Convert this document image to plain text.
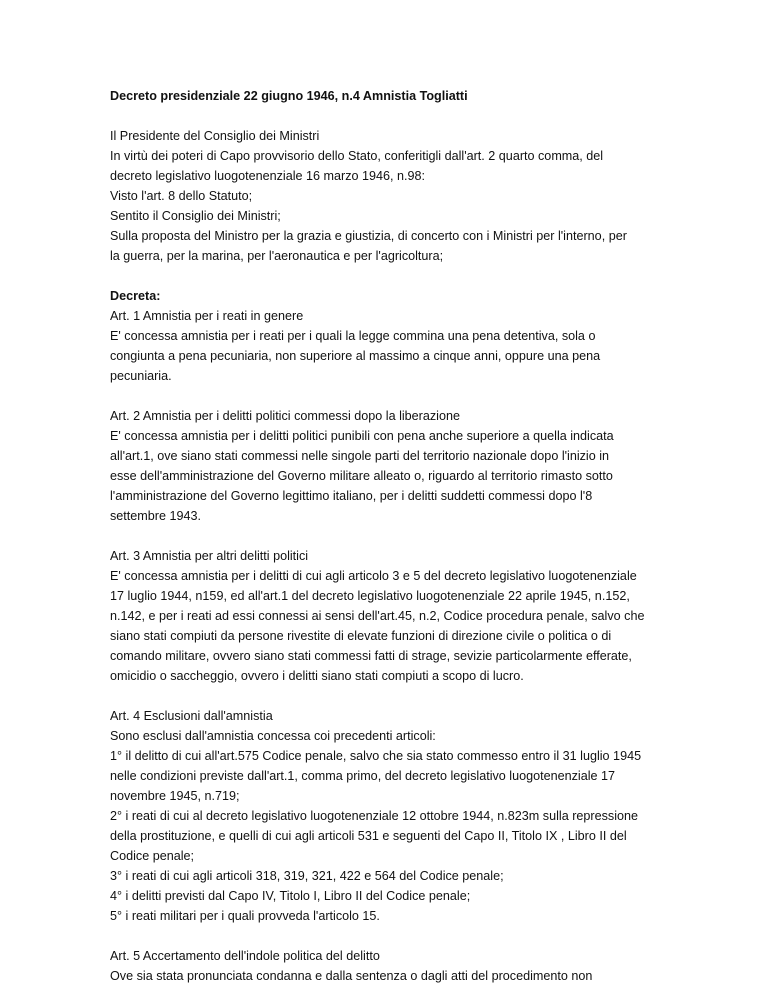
Decreto presidenziale 22 giugno 1946, n.4 Amnistia Togliatti
Il Presidente del Consiglio dei Ministri
In virtù dei poteri di Capo provvisorio dello Stato, conferitigli dall'art. 2 quarto comma, del
decreto legislativo luogotenenziale 16 marzo 1946, n.98:
Visto l'art. 8 dello Statuto;
Sentito il Consiglio dei Ministri;
Sulla proposta del Ministro per la grazia e giustizia, di concerto con i Ministri per l'interno, per
la guerra, per la marina, per l'aeronautica e per l'agricoltura;
Decreta:
Art. 1 Amnistia per i reati in genere
E' concessa amnistia per i reati per i quali la legge commina una pena detentiva, sola o
congiunta a pena pecuniaria, non superiore al massimo a cinque anni, oppure una pena
pecuniaria.
Art. 2 Amnistia per i delitti politici commessi dopo la liberazione
E' concessa amnistia per i delitti politici punibili con pena anche superiore a quella indicata
all'art.1, ove siano stati commessi nelle singole parti del territorio nazionale dopo l'inizio in
esse dell'amministrazione del Governo militare alleato o, riguardo al territorio rimasto sotto
l'amministrazione del Governo legittimo italiano, per i delitti suddetti commessi dopo l'8
settembre 1943.
Art. 3 Amnistia per altri delitti politici
E' concessa amnistia per i delitti di cui agli articolo 3 e 5 del decreto legislativo luogotenenziale
17 luglio 1944, n159, ed all'art.1 del decreto legislativo luogotenenziale 22 aprile 1945, n.152,
n.142, e per i reati ad essi connessi ai sensi dell'art.45, n.2, Codice procedura penale, salvo che
siano stati compiuti da persone rivestite di elevate funzioni di direzione civile o politica o di
comando militare, ovvero siano stati commessi fatti di strage, sevizie particolarmente efferate,
omicidio o saccheggio, ovvero i delitti siano stati compiuti a scopo di lucro.
Art. 4 Esclusioni dall'amnistia
Sono esclusi dall'amnistia concessa coi precedenti articoli:
1° il delitto di cui all'art.575 Codice penale, salvo che sia stato commesso entro il 31 luglio 1945
nelle condizioni previste dall'art.1, comma primo, del decreto legislativo luogotenenziale 17
novembre 1945, n.719;
2° i reati di cui al decreto legislativo luogotenenziale 12 ottobre 1944, n.823m sulla repressione
della prostituzione, e quelli di cui agli articoli 531 e seguenti del Capo II, Titolo IX , Libro II del
Codice penale;
3° i reati di cui agli articoli 318, 319, 321, 422 e 564 del Codice penale;
4° i delitti previsti dal Capo IV, Titolo I, Libro II del Codice penale;
5° i reati militari per i quali provveda l'articolo 15.
Art. 5 Accertamento dell'indole politica del delitto
Ove sia stata pronunciata condanna e dalla sentenza o dagli atti del procedimento non
